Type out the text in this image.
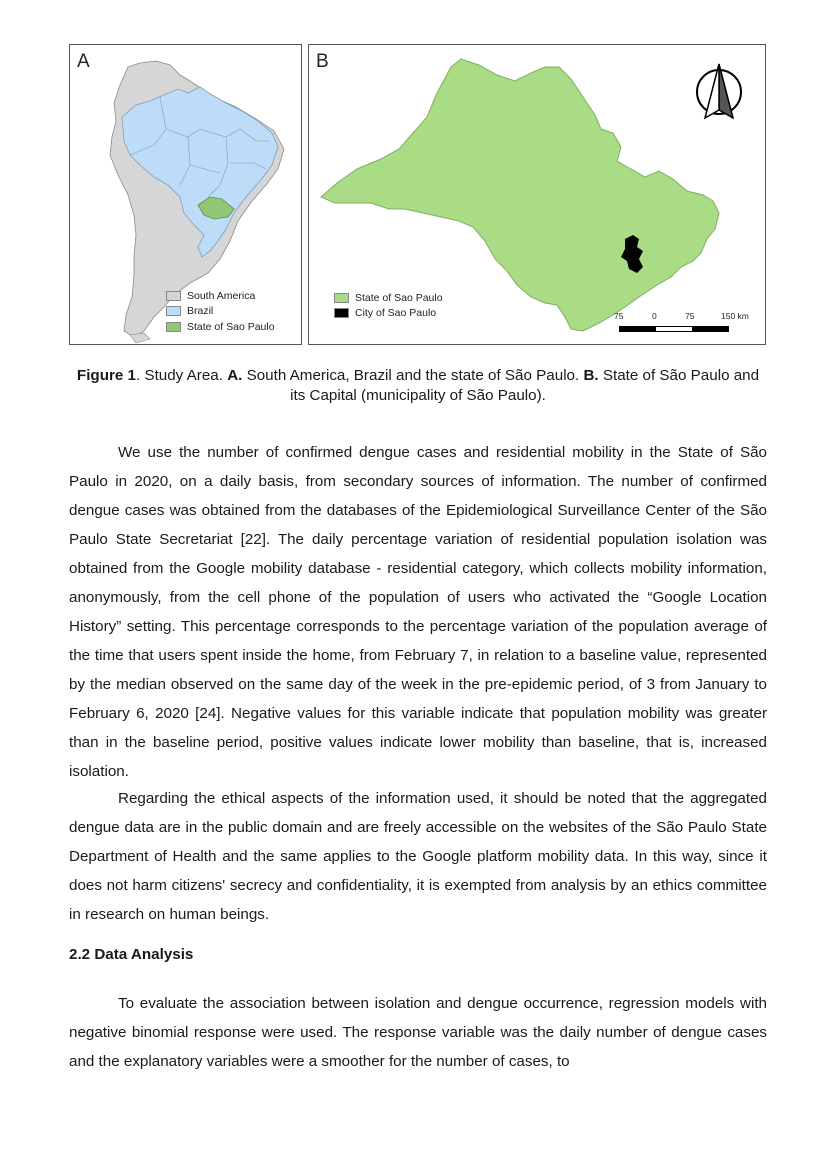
A
South America
Brazil
State of Sao Paulo
B
State of Sao Paulo
City of Sao Paulo	75	0	75	150 km
Figure 1. Study Area. A. South America, Brazil and the state of São Paulo. B. State of São Paulo and its Capital (municipality of São Paulo).

We use the number of confirmed dengue cases and residential mobility in the State of São Paulo in 2020, on a daily basis, from secondary sources of information. The number of confirmed dengue cases was obtained from the databases of the Epidemiological Surveillance Center of the São Paulo State Secretariat [22]. The daily percentage variation of residential population isolation was obtained from the Google mobility database - residential category, which collects mobility information, anonymously, from the cell phone of the population of users who activated the “Google Location History” setting. This percentage corresponds to the percentage variation of the population average of the time that users spent inside the home, from February 7, in relation to a baseline value, represented by the median observed on the same day of the week in the pre-epidemic period, of 3 from January to February 6, 2020 [24]. Negative values for this variable indicate that population mobility was greater than in the baseline period, positive values indicate lower mobility than baseline, that is, increased isolation.

Regarding the ethical aspects of the information used, it should be noted that the aggregated dengue data are in the public domain and are freely accessible on the websites of the São Paulo State Department of Health and the same applies to the Google platform mobility data. In this way, since it does not harm citizens' secrecy and confidentiality, it is exempted from analysis by an ethics committee in research on human beings.

2.2 Data Analysis

To evaluate the association between isolation and dengue occurrence, regression models with negative binomial response were used. The response variable was the daily number of dengue cases and the explanatory variables were a smoother for the number of cases, to
